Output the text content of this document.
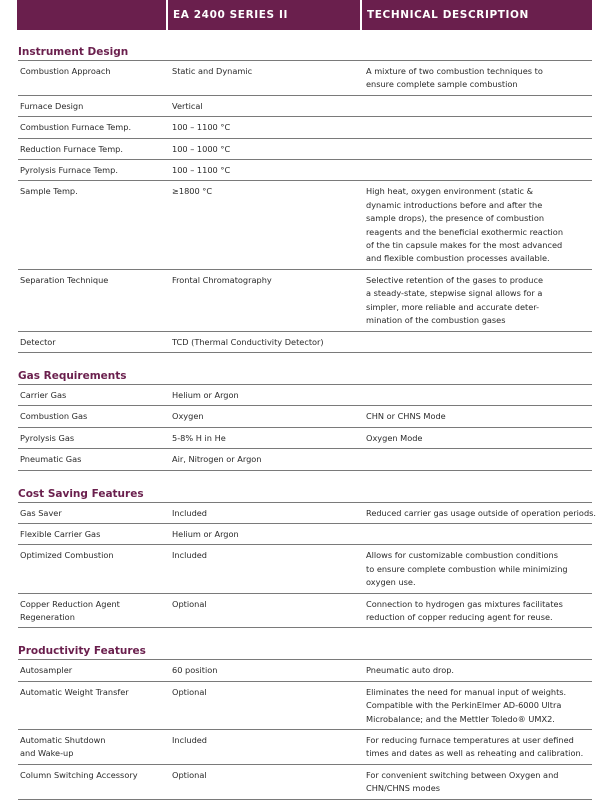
EA 2400 SERIES II	TECHNICAL DESCRIPTION
Instrument Design
Combustion Approach	Static and Dynamic	A mixture of two combustion techniques to
ensure complete sample combustion
Furnace Design	Vertical
Combustion Furnace Temp.	100 – 1100 °C
Reduction Furnace Temp.	100 – 1000 °C
Pyrolysis Furnace Temp.	100 – 1100 °C
Sample Temp.	≥1800 °C	High heat, oxygen environment (static &
dynamic introductions before and after the
sample drops), the presence of combustion
reagents and the beneficial exothermic reaction
of the tin capsule makes for the most advanced
and flexible combustion processes available.
Separation Technique	Frontal Chromatography	Selective retention of the gases to produce
a steady-state, stepwise signal allows for a
simpler, more reliable and accurate deter-
mination of the combustion gases
Detector	TCD (Thermal Conductivity Detector)
Gas Requirements
Carrier Gas	Helium or Argon
Combustion Gas	Oxygen	CHN or CHNS Mode
Pyrolysis Gas	5-8% H in He	Oxygen Mode
Pneumatic Gas	Air, Nitrogen or Argon
Cost Saving Features
Gas Saver	Included	Reduced carrier gas usage outside of operation periods.
Flexible Carrier Gas	Helium or Argon
Optimized Combustion	Included	Allows for customizable combustion conditions
to ensure complete combustion while minimizing
oxygen use.
Copper Reduction Agent
Regeneration
Optional	Connection to hydrogen gas mixtures facilitates
reduction of copper reducing agent for reuse.
Productivity Features
Autosampler	60 position	Pneumatic auto drop.
Automatic Weight Transfer	Optional	Eliminates the need for manual input of weights.
Compatible with the PerkinElmer AD-6000 Ultra
Microbalance; and the Mettler Toledo® UMX2.
Automatic Shutdown
and Wake-up
Included	For reducing furnace temperatures at user defined
times and dates as well as reheating and calibration.
Column Switching Accessory	Optional	For convenient switching between Oxygen and
CHN/CHNS modes
